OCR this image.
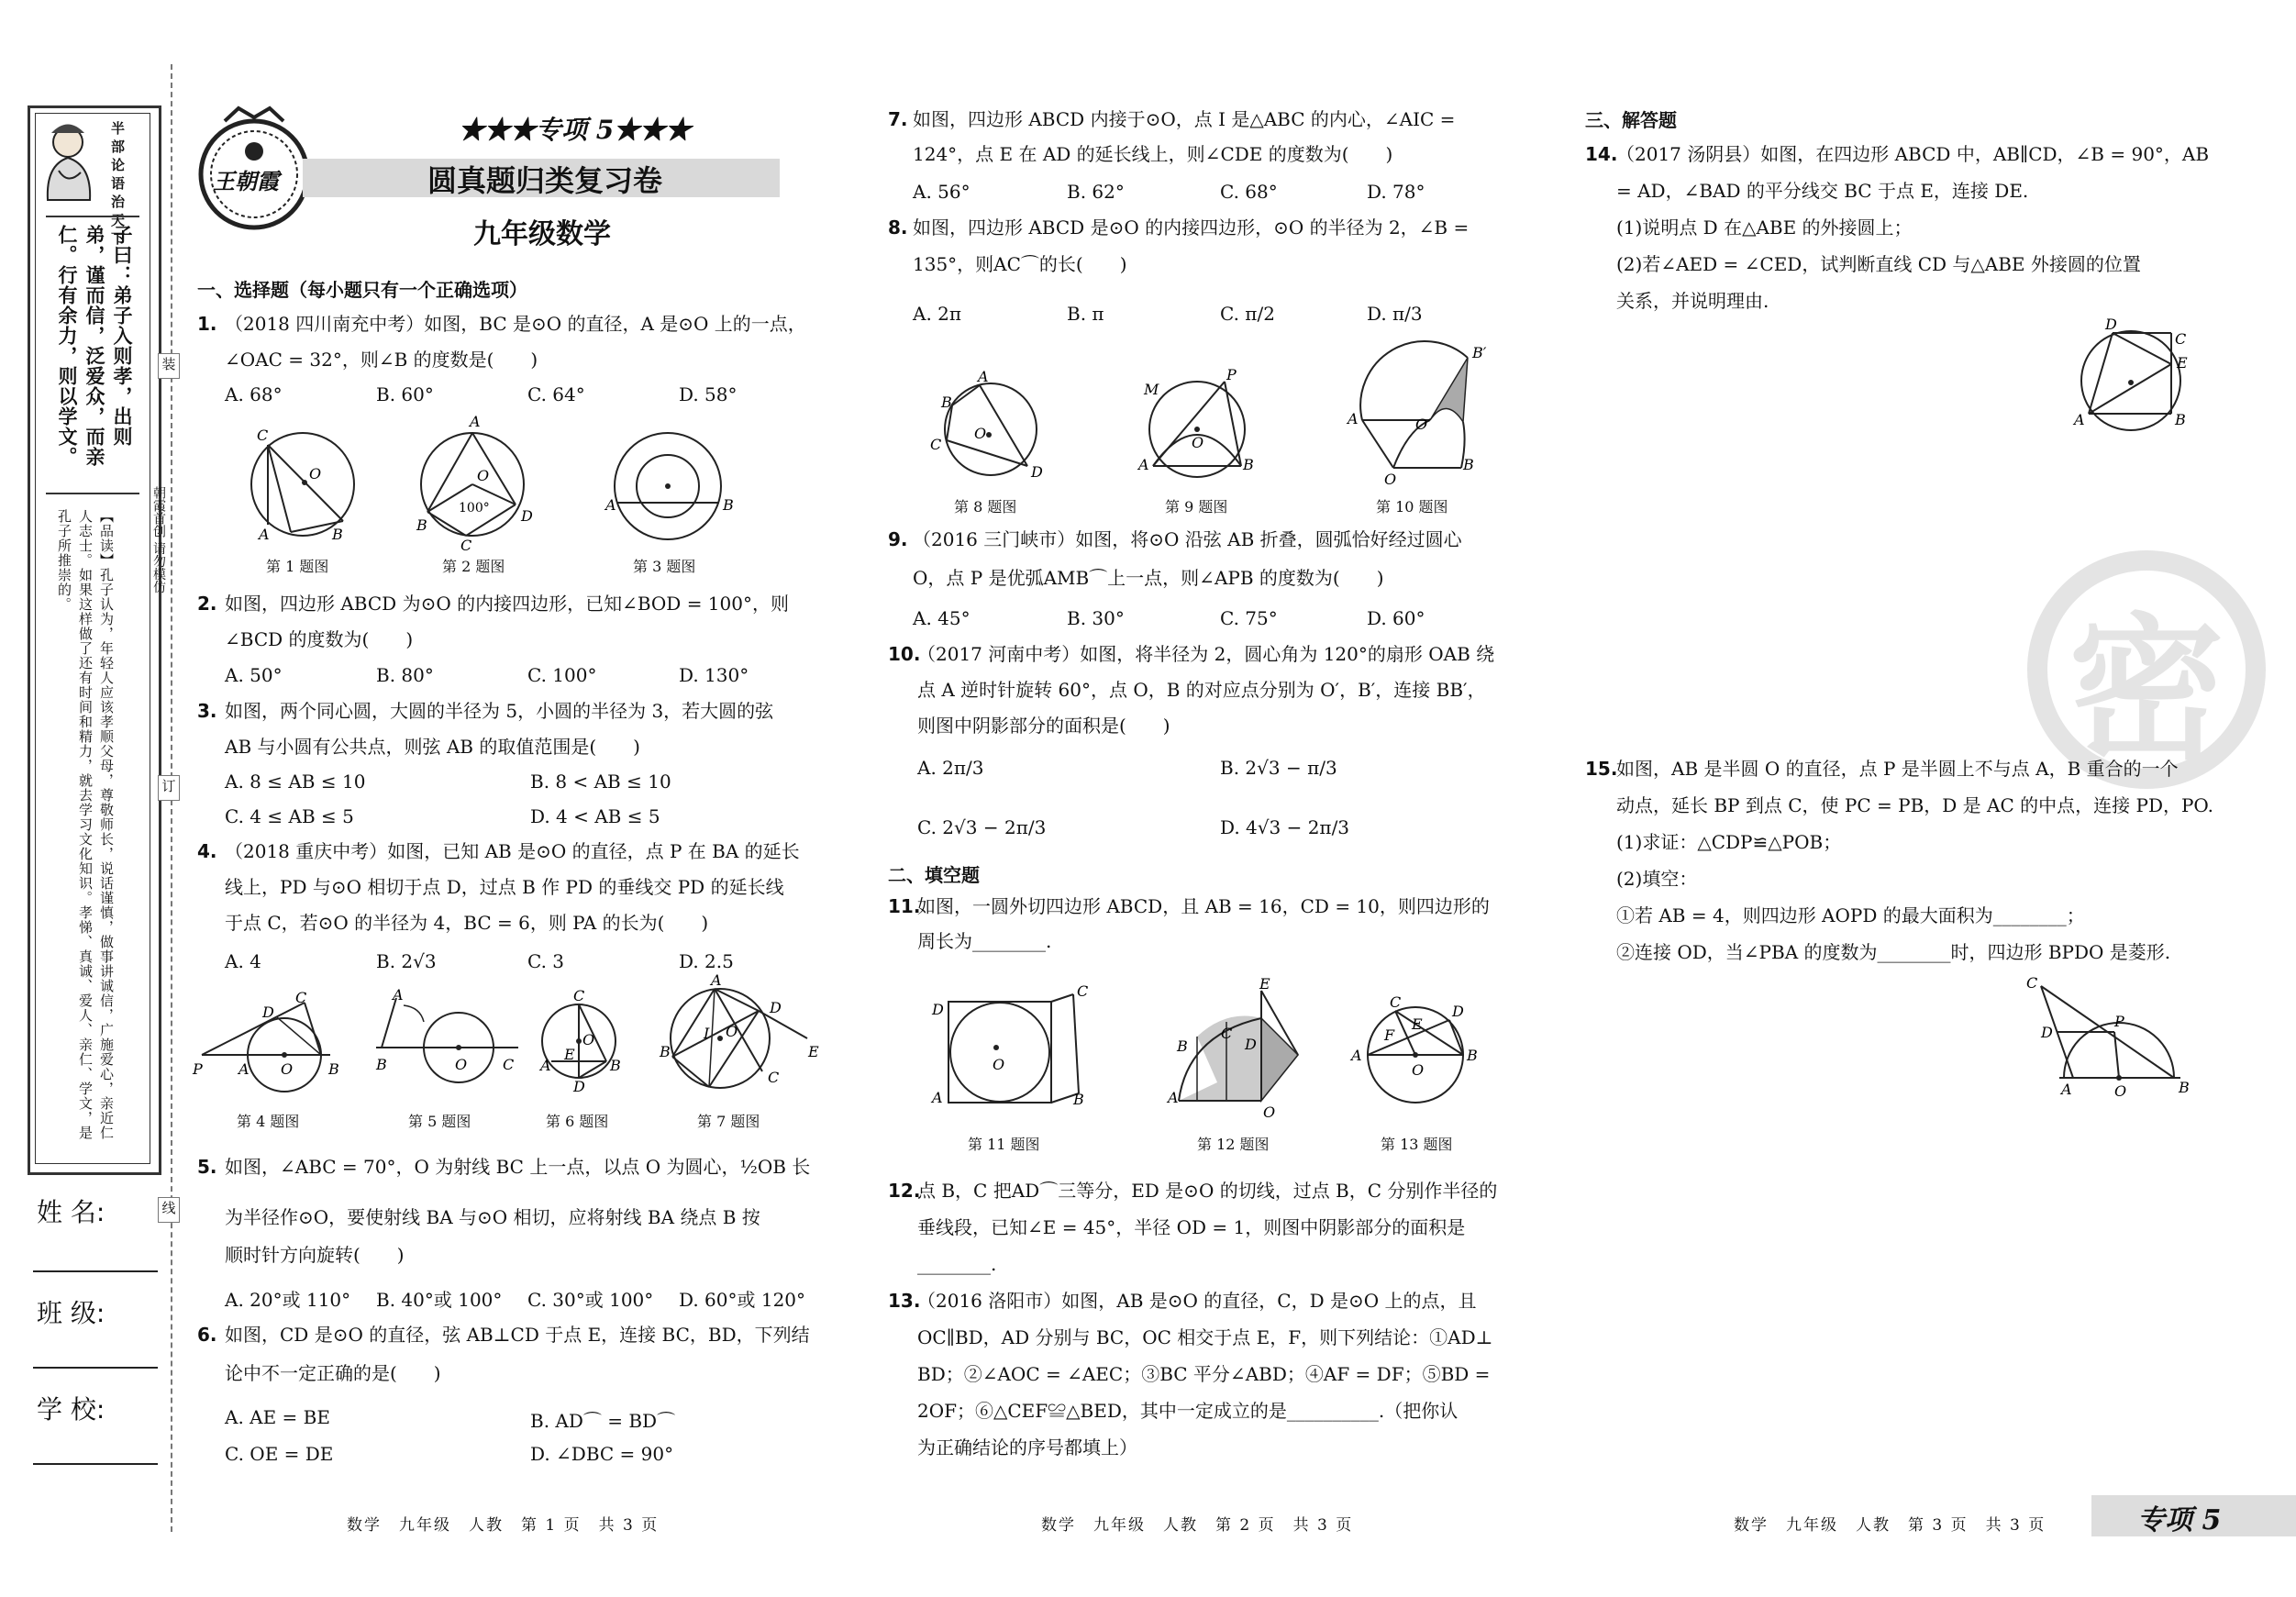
半部论语治天下
子曰：弟子入则孝，出则弟，谨而信，泛爱众，而亲仁。行有余力，则以学文。
【品读】孔子认为，年轻人应该孝顺父母，尊敬师长，说话谨慎，做事讲诚信，广施爱心，亲近仁人志士。如果这样做了还有时间和精力，就去学习文化知识。孝悌、真诚、爱人、亲仁、学文，是孔子所推崇的。
装
订
线
朝霞首创 请勿模仿
姓 名:
班 级:
学 校:
王朝霞
★★★专项 5★★★
圆真题归类复习卷
九年级数学
一、选择题（每小题只有一个正确选项）
1. （2018 四川南充中考）如图，BC 是⊙O 的直径，A 是⊙O 上的一点，
∠OAC = 32°，则∠B 的度数是(　　)
A. 68°	B. 60°	C. 64°	D. 58°
C
O
A	B
A
O
100°
B
C
D
A	B
第 1 题图	第 2 题图	第 3 题图
2. 如图，四边形 ABCD 为⊙O 的内接四边形，已知∠BOD = 100°，则
∠BCD 的度数为(　　)
A. 50°	B. 80°	C. 100°	D. 130°
3. 如图，两个同心圆，大圆的半径为 5，小圆的半径为 3，若大圆的弦
AB 与小圆有公共点，则弦 AB 的取值范围是(　　)
A. 8 ≤ AB ≤ 10	B. 8 < AB ≤ 10
C. 4 ≤ AB ≤ 5	D. 4 < AB ≤ 5
4. （2018 重庆中考）如图，已知 AB 是⊙O 的直径，点 P 在 BA 的延长
线上，PD 与⊙O 相切于点 D，过点 B 作 PD 的垂线交 PD 的延长线
于点 C，若⊙O 的半径为 4，BC = 6，则 PA 的长为(　　)
A. 4	B. 2√3	C. 3	D. 2.5
P A O B
D
C	A
B	O C
C
O
E
A	B
D
A
B
I O
D
C
E
第 4 题图	第 5 题图	第 6 题图	第 7 题图
5. 如图，∠ABC = 70°，O 为射线 BC 上一点，以点 O 为圆心，½OB 长
为半径作⊙O，要使射线 BA 与⊙O 相切，应将射线 BA 绕点 B 按
顺时针方向旋转(　　)
A. 20°或 110° B. 40°或 100° C. 30°或 100° D. 60°或 120°
6. 如图，CD 是⊙O 的直径，弦 AB⊥CD 于点 E，连接 BC，BD，下列结
论中不一定正确的是(　　)
A. AE = BE	B. AD⌒ = BD⌒
C. OE = DE	D. ∠DBC = 90°
7. 如图，四边形 ABCD 内接于⊙O，点 I 是△ABC 的内心，∠AIC =
124°，点 E 在 AD 的延长线上，则∠CDE 的度数为(　　)
A. 56°	B. 62°	C. 68°	D. 78°
8. 如图，四边形 ABCD 是⊙O 的内接四边形，⊙O 的半径为 2，∠B =
135°，则AC⌒的长(　　)
A. 2π	B. π	C. π/2	D. π/3
A
B
C
O
D
M
P
O
A	B
A
B′
O′
O
B
第 8 题图	第 9 题图	第 10 题图
9. （2016 三门峡市）如图，将⊙O 沿弦 AB 折叠，圆弧恰好经过圆心
O，点 P 是优弧AMB⌒上一点，则∠APB 的度数为(　　)
A. 45°	B. 30°	C. 75°	D. 60°
10.
（2017 河南中考）如图，将半径为 2，圆心角为 120°的扇形 OAB 绕
点 A 逆时针旋转 60°，点 O，B 的对应点分别为 O′，B′，连接 BB′，
则图中阴影部分的面积是(　　)
A. 2π/3	B. 2√3 − π/3
C. 2√3 − 2π/3	D. 4√3 − 2π/3
二、填空题
11.
如图，一圆外切四边形 ABCD，且 AB = 16，CD = 10，则四边形的
周长为________.
D
C
O
A	B	A
B
C
D
E
O
C
D
E
F
A	B
O
第 11 题图	第 12 题图	第 13 题图
12.
点 B，C 把AD⌒三等分，ED 是⊙O 的切线，过点 B，C 分别作半径的
垂线段，已知∠E = 45°，半径 OD = 1，则图中阴影部分的面积是
________.
13.
（2016 洛阳市）如图，AB 是⊙O 的直径，C，D 是⊙O 上的点，且
OC∥BD，AD 分别与 BC，OC 相交于点 E，F，则下列结论：①AD⊥
BD；②∠AOC = ∠AEC；③BC 平分∠ABD；④AF = DF；⑤BD =
2OF；⑥△CEF≌△BED，其中一定成立的是__________.（把你认
为正确结论的序号都填上）
三、解答题
14.
（2017 汤阴县）如图，在四边形 ABCD 中，AB∥CD，∠B = 90°，AB
= AD，∠BAD 的平分线交 BC 于点 E，连接 DE.
(1)说明点 D 在△ABE 的外接圆上；
(2)若∠AED = ∠CED，试判断直线 CD 与△ABE 外接圆的位置
关系，并说明理由.
D
C
E
A	B
密
15.
如图，AB 是半圆 O 的直径，点 P 是半圆上不与点 A，B 重合的一个
动点，延长 BP 到点 C，使 PC = PB，D 是 AC 的中点，连接 PD，PO.
(1)求证：△CDP≌△POB；
(2)填空：
①若 AB = 4，则四边形 AOPD 的最大面积为________；
②连接 OD，当∠PBA 的度数为________时，四边形 BPDO 是菱形.
C
D
P
A	O	B
数学　九年级　人教　第 1 页　共 3 页	数学　九年级　人教　第 2 页　共 3 页	数学　九年级　人教　第 3 页　共 3 页	专项 5
